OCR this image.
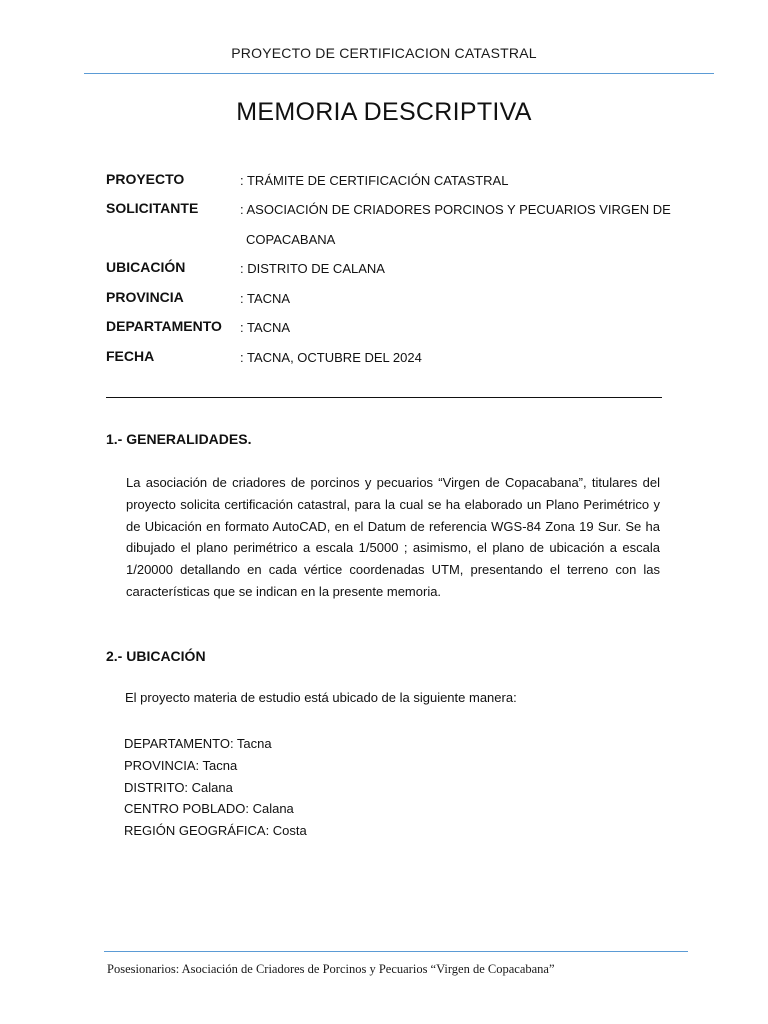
PROYECTO DE CERTIFICACION CATASTRAL
MEMORIA DESCRIPTIVA
PROYECTO	: TRÁMITE DE CERTIFICACIÓN CATASTRAL
SOLICITANTE	: ASOCIACIÓN DE CRIADORES PORCINOS Y PECUARIOS VIRGEN DE
COPACABANA
UBICACIÓN	: DISTRITO DE CALANA
PROVINCIA	: TACNA
DEPARTAMENTO : TACNA
FECHA	: TACNA, OCTUBRE DEL 2024
1.- GENERALIDADES.
La asociación de criadores de porcinos y pecuarios “Virgen de Copacabana”, titulares del proyecto solicita certificación catastral, para la cual se ha elaborado un Plano Perimétrico y de Ubicación en formato AutoCAD, en el Datum de referencia WGS-84 Zona 19 Sur. Se ha dibujado el plano perimétrico a escala 1/5000 ; asimismo, el plano de ubicación a escala 1/20000 detallando en cada vértice coordenadas UTM, presentando el terreno con las características que se indican en la presente memoria.
2.- UBICACIÓN
El proyecto materia de estudio está ubicado de la siguiente manera:
DEPARTAMENTO: Tacna
PROVINCIA: Tacna
DISTRITO: Calana
CENTRO POBLADO: Calana
REGIÓN GEOGRÁFICA: Costa
Posesionarios: Asociación de Criadores de Porcinos y Pecuarios “Virgen de Copacabana”
